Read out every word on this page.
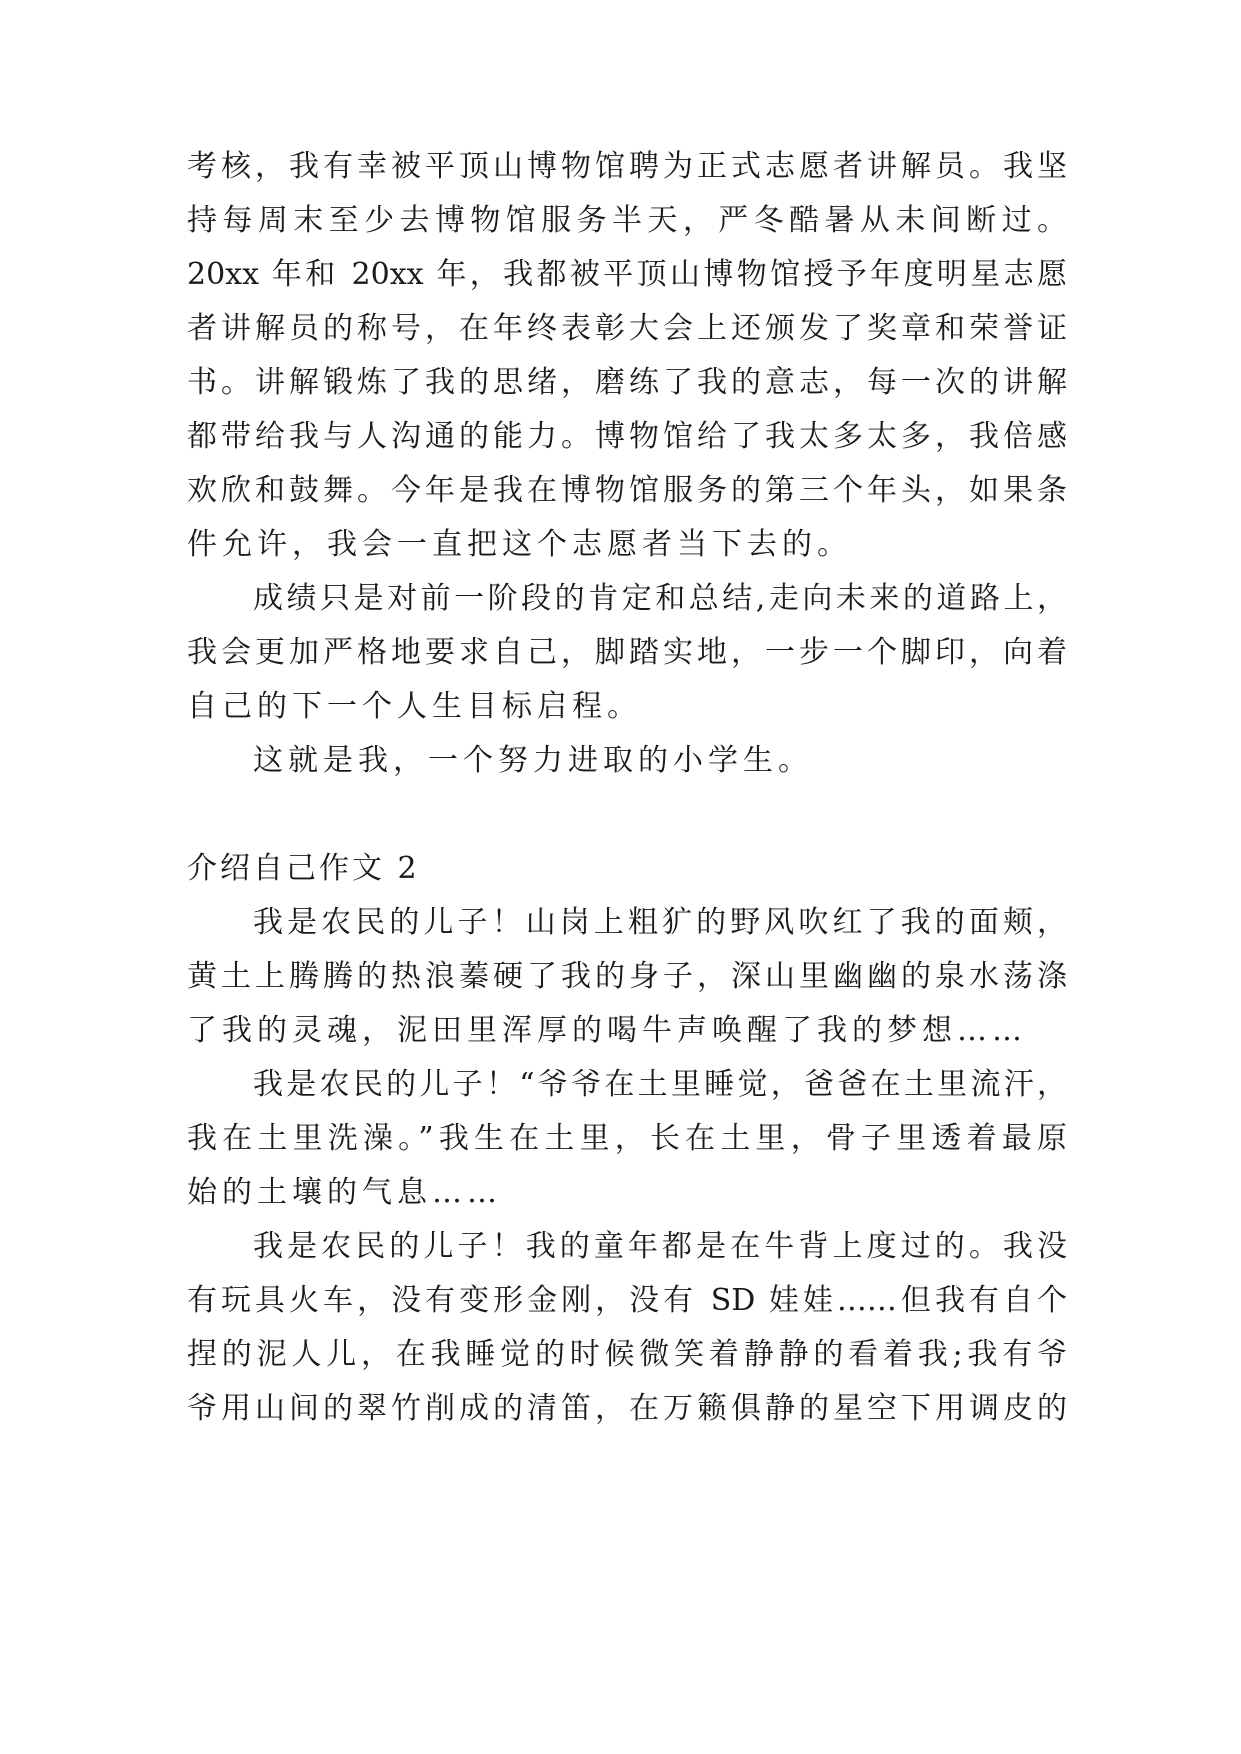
考核，我有幸被平顶山博物馆聘为正式志愿者讲解员。我坚
持每周末至少去博物馆服务半天，严冬酷暑从未间断过。
20xx 年和 20xx 年，我都被平顶山博物馆授予年度明星志愿
者讲解员的称号，在年终表彰大会上还颁发了奖章和荣誉证
书。讲解锻炼了我的思绪，磨练了我的意志，每一次的讲解
都带给我与人沟通的能力。博物馆给了我太多太多，我倍感
欢欣和鼓舞。今年是我在博物馆服务的第三个年头，如果条
件允许，我会一直把这个志愿者当下去的。
成绩只是对前一阶段的肯定和总结,走向未来的道路上，
我会更加严格地要求自己，脚踏实地，一步一个脚印，向着
自己的下一个人生目标启程。
这就是我，一个努力进取的小学生。
介绍自己作文 2
我是农民的儿子！山岗上粗犷的野风吹红了我的面颊，
黄土上腾腾的热浪蓁硬了我的身子，深山里幽幽的泉水荡涤
了我的灵魂，泥田里浑厚的喝牛声唤醒了我的梦想……
我是农民的儿子！“爷爷在土里睡觉，爸爸在土里流汗，
我在土里洗澡。”我生在土里，长在土里，骨子里透着最原
始的土壤的气息……
我是农民的儿子！我的童年都是在牛背上度过的。我没
有玩具火车，没有变形金刚，没有 SD 娃娃……但我有自个
捏的泥人儿，在我睡觉的时候微笑着静静的看着我;我有爷
爷用山间的翠竹削成的清笛，在万籁俱静的星空下用调皮的
